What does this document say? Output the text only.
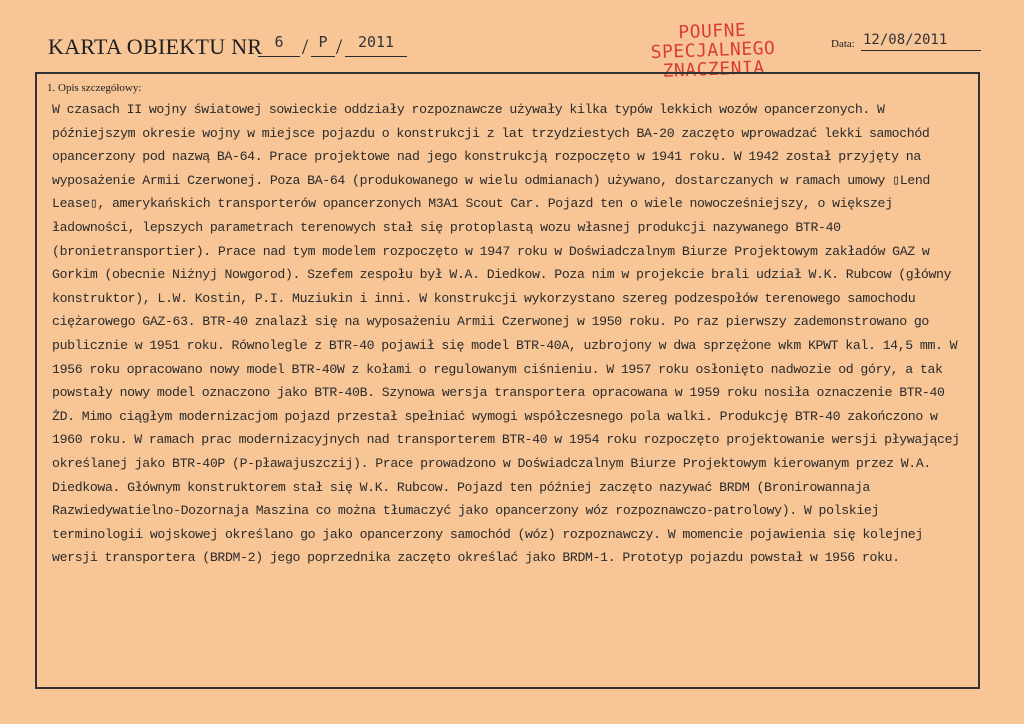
KARTA OBIEKTU NR 6 / P /	2011	POUFNE
SPECJALNEGO
ZNACZENIA
Data: 12/08/2011
1. Opis szczegółowy:

W czasach II wojny światowej sowieckie oddziały rozpoznawcze używały kilka typów lekkich wozów opancerzonych. W późniejszym okresie wojny w miejsce pojazdu o konstrukcji z lat trzydziestych BA-20 zaczęto wprowadzać lekki samochód opancerzony pod nazwą BA-64. Prace projektowe nad jego konstrukcją rozpoczęto w 1941 roku. W 1942 został przyjęty na wyposażenie Armii Czerwonej. Poza BA-64 (produkowanego w wielu odmianach) używano, dostarczanych w ramach umowy ▯Lend Lease▯, amerykańskich transporterów opancerzonych M3A1 Scout Car. Pojazd ten o wiele nowocześniejszy, o większej ładowności, lepszych parametrach terenowych stał się protoplastą wozu własnej produkcji nazywanego BTR-40 (bronietransportier). Prace nad tym modelem rozpoczęto w 1947 roku w Doświadczalnym Biurze Projektowym zakładów GAZ w Gorkim (obecnie Niżnyj Nowgorod). Szefem zespołu był W.A. Diedkow. Poza nim w projekcie brali udział W.K. Rubcow (główny konstruktor), L.W. Kostin, P.I. Muziukin i inni. W konstrukcji wykorzystano szereg podzespołów terenowego samochodu ciężarowego GAZ-63. BTR-40 znalazł się na wyposażeniu Armii Czerwonej w 1950 roku. Po raz pierwszy zademonstrowano go publicznie w 1951 roku. Równolegle z BTR-40 pojawił się model BTR-40A, uzbrojony w dwa sprzężone wkm KPWT kal. 14,5 mm. W 1956 roku opracowano nowy model BTR-40W z kołami o regulowanym ciśnieniu. W 1957 roku osłonięto nadwozie od góry, a tak powstały nowy model oznaczono jako BTR-40B. Szynowa wersja transportera opracowana w 1959 roku nosiła oznaczenie BTR-40 ŻD. Mimo ciągłym modernizacjom pojazd przestał spełniać wymogi współczesnego pola walki. Produkcję BTR-40 zakończono w 1960 roku. W ramach prac modernizacyjnych nad transporterem BTR-40 w 1954 roku rozpoczęto projektowanie wersji pływającej określanej jako BTR-40P (P-pławajuszczij). Prace prowadzono w Doświadczalnym Biurze Projektowym kierowanym przez W.A. Diedkowa. Głównym konstruktorem stał się W.K. Rubcow. Pojazd ten później zaczęto nazywać BRDM (Bronirowannaja Razwiedywatielno-Dozornaja Maszina co można tłumaczyć jako opancerzony wóz rozpoznawczo-patrolowy). W polskiej terminologii wojskowej określano go jako opancerzony samochód (wóz) rozpoznawczy. W momencie pojawienia się kolejnej wersji transportera (BRDM-2) jego poprzednika zaczęto określać jako BRDM-1. Prototyp pojazdu powstał w 1956 roku.
